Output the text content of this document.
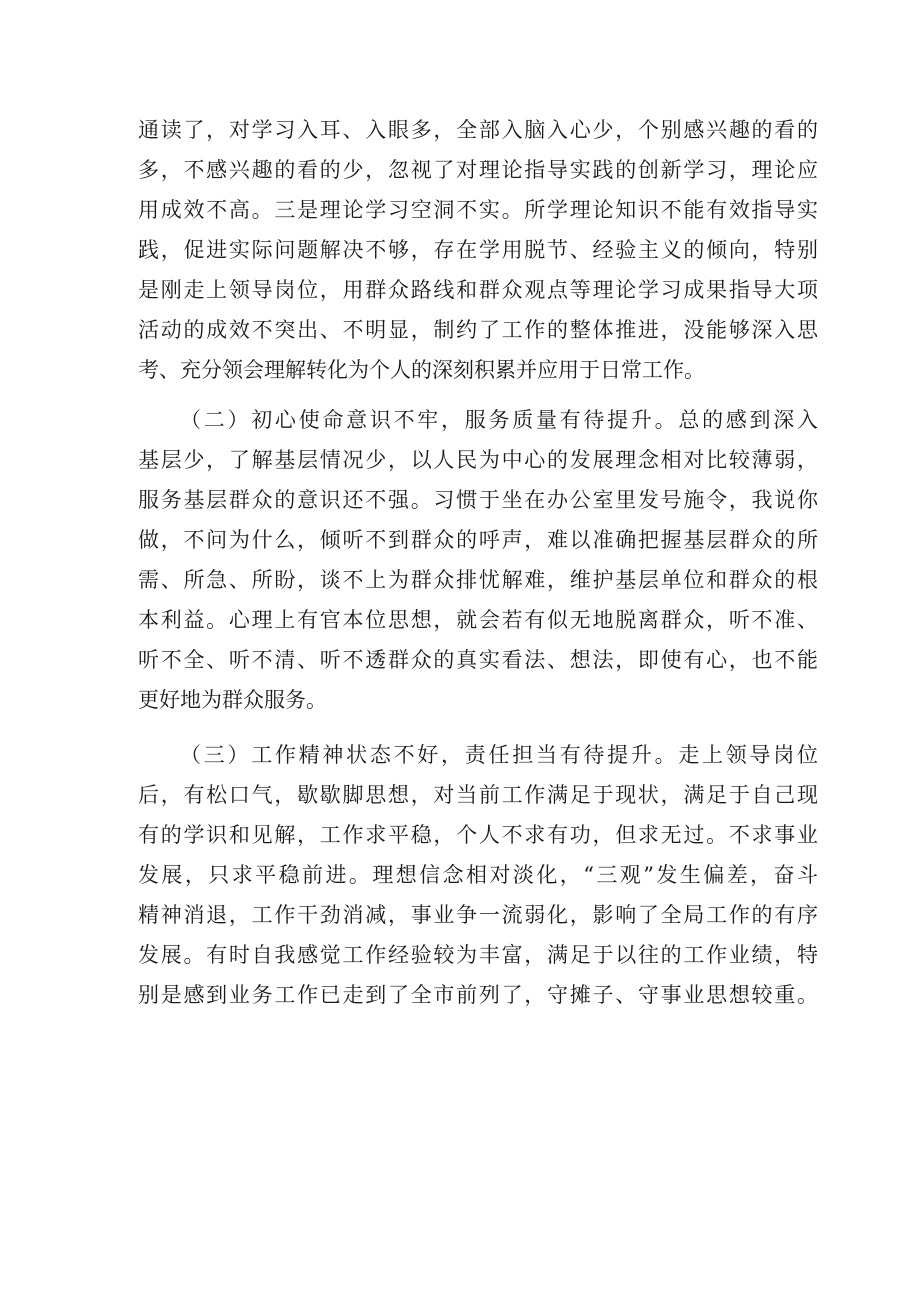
通读了，对学习入耳、入眼多，全部入脑入心少，个别感兴趣的看的
多，不感兴趣的看的少，忽视了对理论指导实践的创新学习，理论应
用成效不高。三是理论学习空洞不实。所学理论知识不能有效指导实
践，促进实际问题解决不够，存在学用脱节、经验主义的倾向，特别
是刚走上领导岗位，用群众路线和群众观点等理论学习成果指导大项
活动的成效不突出、不明显，制约了工作的整体推进，没能够深入思
考、充分领会理解转化为个人的深刻积累并应用于日常工作。
（二）初心使命意识不牢，服务质量有待提升。总的感到深入
基层少，了解基层情况少，以人民为中心的发展理念相对比较薄弱，
服务基层群众的意识还不强。习惯于坐在办公室里发号施令，我说你
做，不问为什么，倾听不到群众的呼声，难以准确把握基层群众的所
需、所急、所盼，谈不上为群众排忧解难，维护基层单位和群众的根
本利益。心理上有官本位思想，就会若有似无地脱离群众，听不准、
听不全、听不清、听不透群众的真实看法、想法，即使有心，也不能
更好地为群众服务。
（三）工作精神状态不好，责任担当有待提升。走上领导岗位
后，有松口气，歇歇脚思想，对当前工作满足于现状，满足于自己现
有的学识和见解，工作求平稳，个人不求有功，但求无过。不求事业
发展，只求平稳前进。理想信念相对淡化，“三观”发生偏差，奋斗
精神消退，工作干劲消减，事业争一流弱化，影响了全局工作的有序
发展。有时自我感觉工作经验较为丰富，满足于以往的工作业绩，特
别是感到业务工作已走到了全市前列了，守摊子、守事业思想较重。
